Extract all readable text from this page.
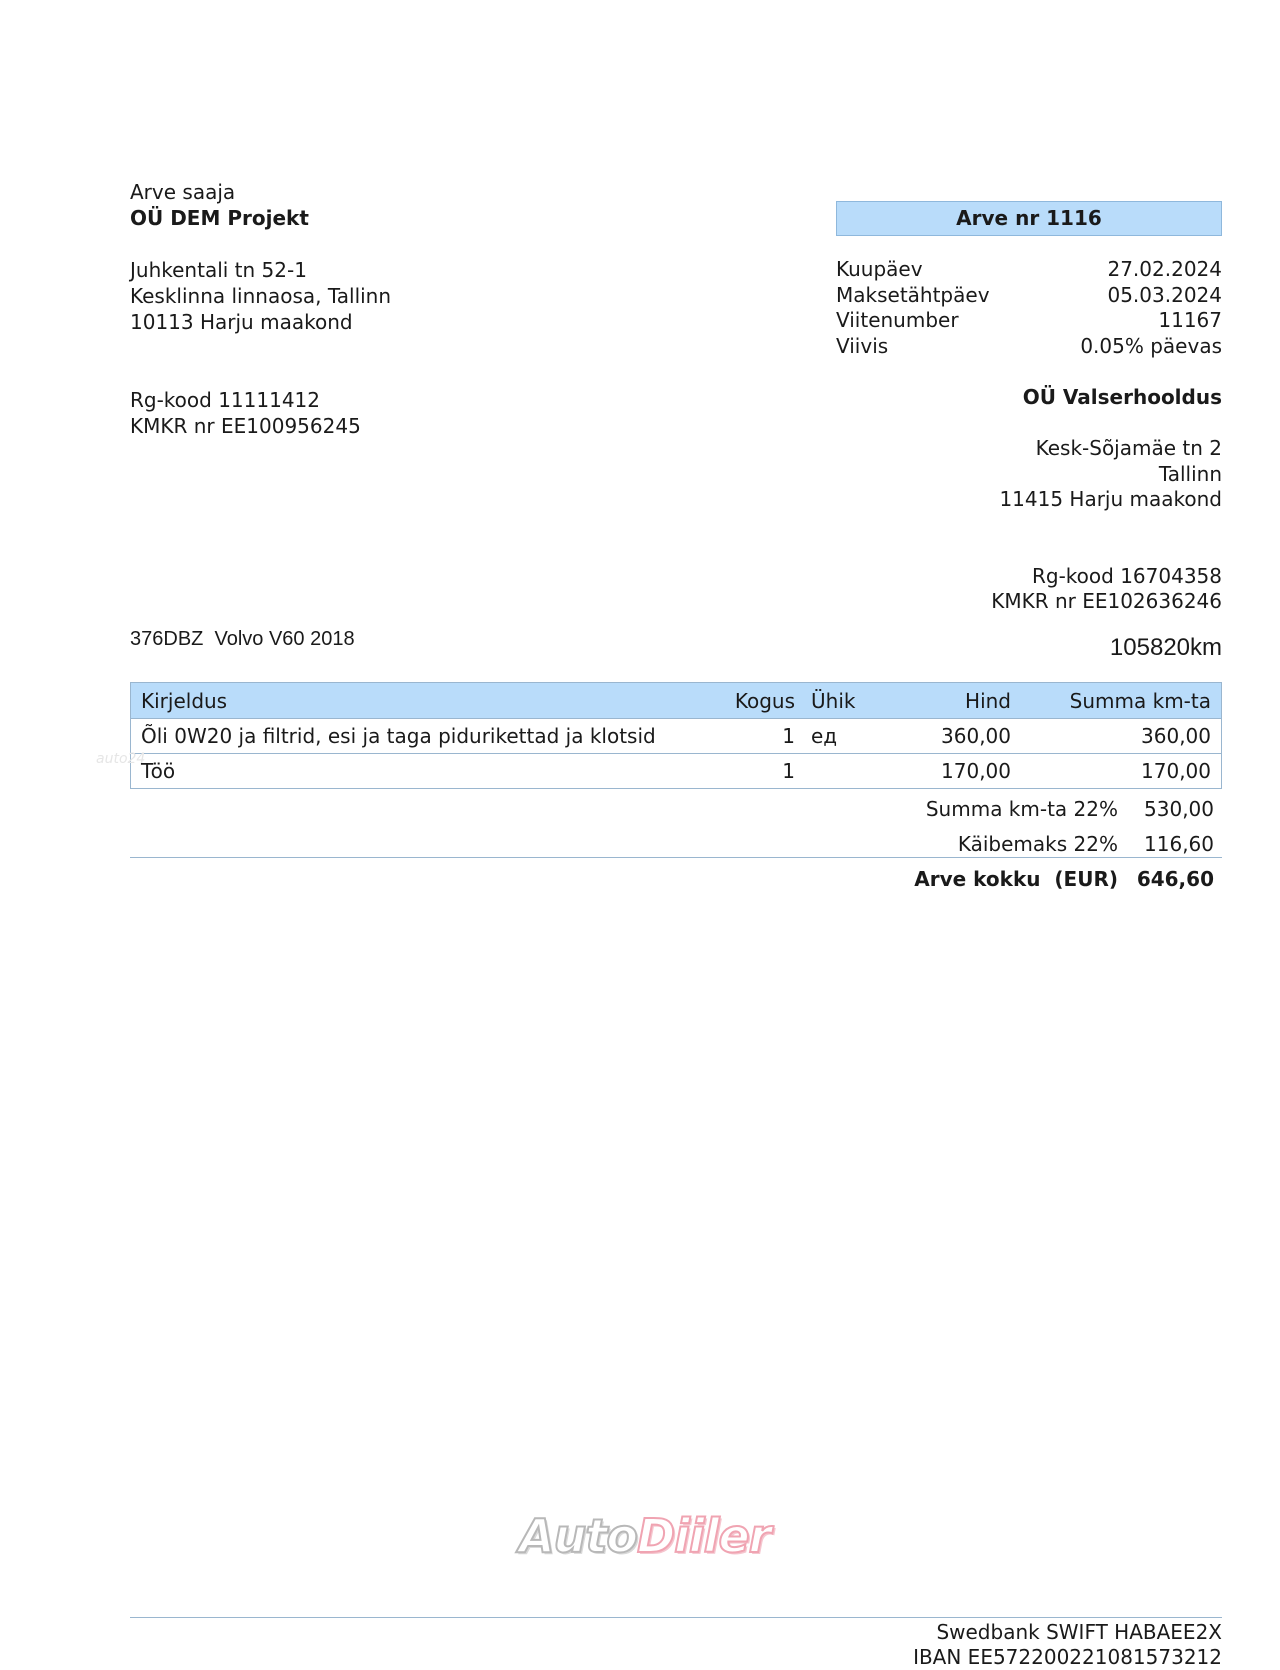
Arve saaja
OÜ DEM Projekt
Juhkentali tn 52-1
Kesklinna linnaosa, Tallinn
10113 Harju maakond
Rg-kood 11111412
KMKR nr EE100956245
Arve nr 1116
Kuupäev	27.02.2024
Maksetähtpäev	05.03.2024
Viitenumber	11167
Viivis	0.05% päevas
OÜ Valserhooldus
Kesk-Sõjamäe tn 2
Tallinn
11415 Harju maakond
Rg-kood 16704358
KMKR nr EE102636246
376DBZ  Volvo V60 2018	105820km
Kirjeldus	Kogus	Ühik	Hind	Summa km-ta
Õli 0W20 ja filtrid, esi ja taga pidurikettad ja klotsid	1	ед	360,00	360,00
Töö	1		170,00	170,00
auto24
Summa km-ta 22%	530,00
Käibemaks 22%	116,60
Arve kokku  (EUR) 646,60
AutoDiiler
Swedbank SWIFT HABAEE2X
IBAN EE572200221081573212
